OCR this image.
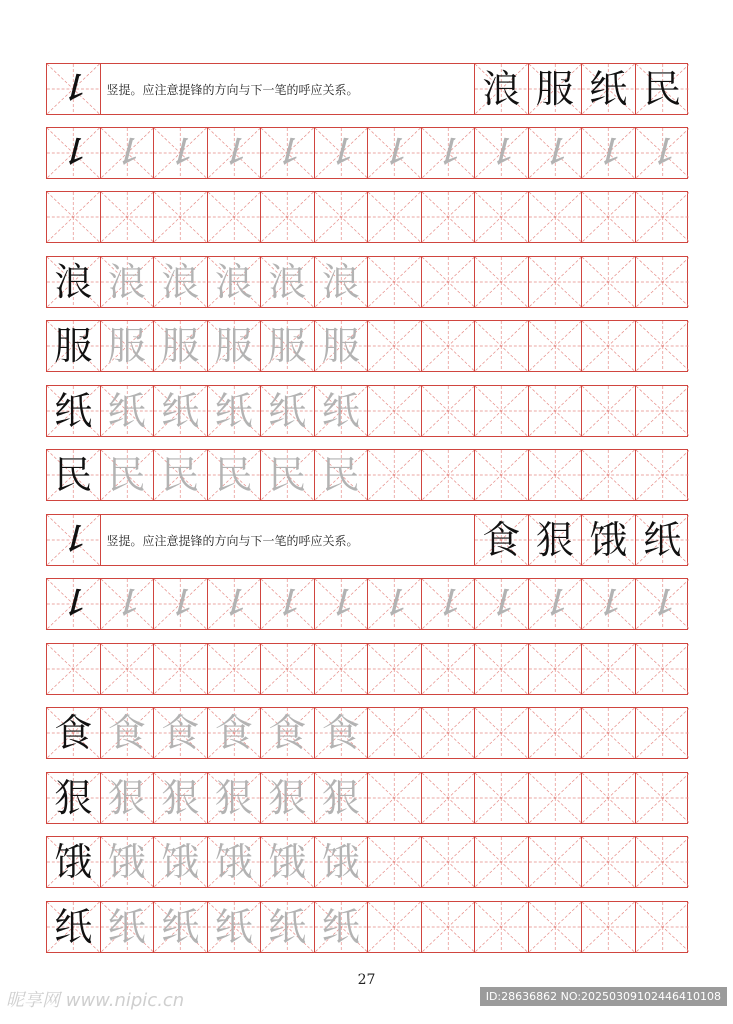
㇙	竖提。应注意提锋的方向与下一笔的呼应关系。	浪 服 纸 民
㇙ ㇙ ㇙ ㇙ ㇙ ㇙ ㇙ ㇙ ㇙ ㇙ ㇙ ㇙
浪 浪 浪 浪 浪 浪
服 服 服 服 服 服
纸 纸 纸 纸 纸 纸
民 民 民 民 民 民
㇙	竖提。应注意提锋的方向与下一笔的呼应关系。	食 狠 饿 纸
㇙ ㇙ ㇙ ㇙ ㇙ ㇙ ㇙ ㇙ ㇙ ㇙ ㇙ ㇙
食 食 食 食 食 食
狠 狠 狠 狠 狠 狠
饿 饿 饿 饿 饿 饿
纸 纸 纸 纸 纸 纸
27
昵享网 www.nipic.cn	ID:28636862 NO:20250309102446410108
